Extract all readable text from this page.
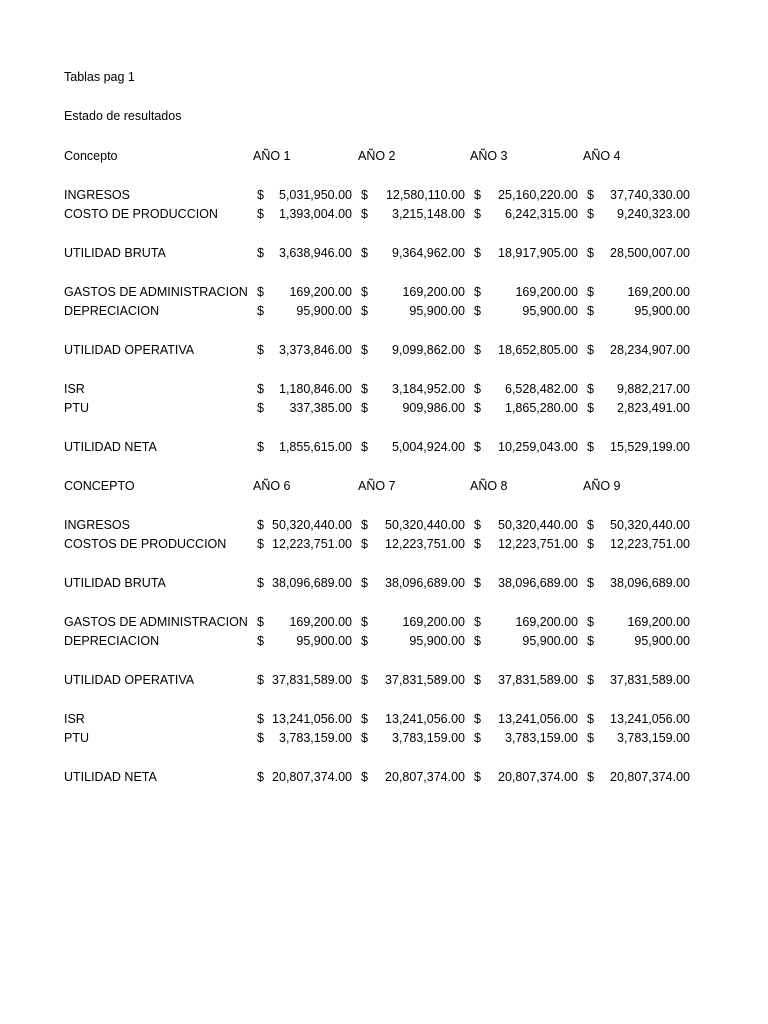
Tablas pag 1
Estado de resultados
Concepto	AÑO 1	AÑO 2	AÑO 3	AÑO 4
INGRESOS	$	5,031,950.00 $	12,580,110.00 $	25,160,220.00 $	37,740,330.00
COSTO DE PRODUCCION	$	1,393,004.00 $	3,215,148.00 $	6,242,315.00 $	9,240,323.00
UTILIDAD BRUTA	$	3,638,946.00 $	9,364,962.00 $	18,917,905.00 $	28,500,007.00
GASTOS DE ADMINISTRACION $	169,200.00 $	169,200.00 $	169,200.00 $	169,200.00
DEPRECIACION	$	95,900.00 $	95,900.00 $	95,900.00 $	95,900.00
UTILIDAD OPERATIVA	$	3,373,846.00 $	9,099,862.00 $	18,652,805.00 $	28,234,907.00
ISR	$	1,180,846.00 $	3,184,952.00 $	6,528,482.00 $	9,882,217.00
PTU	$	337,385.00 $	909,986.00 $	1,865,280.00 $	2,823,491.00
UTILIDAD NETA	$	1,855,615.00 $	5,004,924.00 $	10,259,043.00 $	15,529,199.00
CONCEPTO	AÑO 6	AÑO 7	AÑO 8	AÑO 9
INGRESOS	$ 50,320,440.00 $	50,320,440.00 $	50,320,440.00 $	50,320,440.00
COSTOS DE PRODUCCION $ 12,223,751.00 $	12,223,751.00 $	12,223,751.00 $	12,223,751.00
UTILIDAD BRUTA	$ 38,096,689.00 $	38,096,689.00 $	38,096,689.00 $	38,096,689.00
GASTOS DE ADMINISTRACION $	169,200.00 $	169,200.00 $	169,200.00 $	169,200.00
DEPRECIACION	$	95,900.00 $	95,900.00 $	95,900.00 $	95,900.00
UTILIDAD OPERATIVA	$ 37,831,589.00 $	37,831,589.00 $	37,831,589.00 $	37,831,589.00
ISR	$ 13,241,056.00 $	13,241,056.00 $	13,241,056.00 $	13,241,056.00
PTU	$	3,783,159.00 $	3,783,159.00 $	3,783,159.00 $	3,783,159.00
UTILIDAD NETA	$ 20,807,374.00 $	20,807,374.00 $	20,807,374.00 $	20,807,374.00
